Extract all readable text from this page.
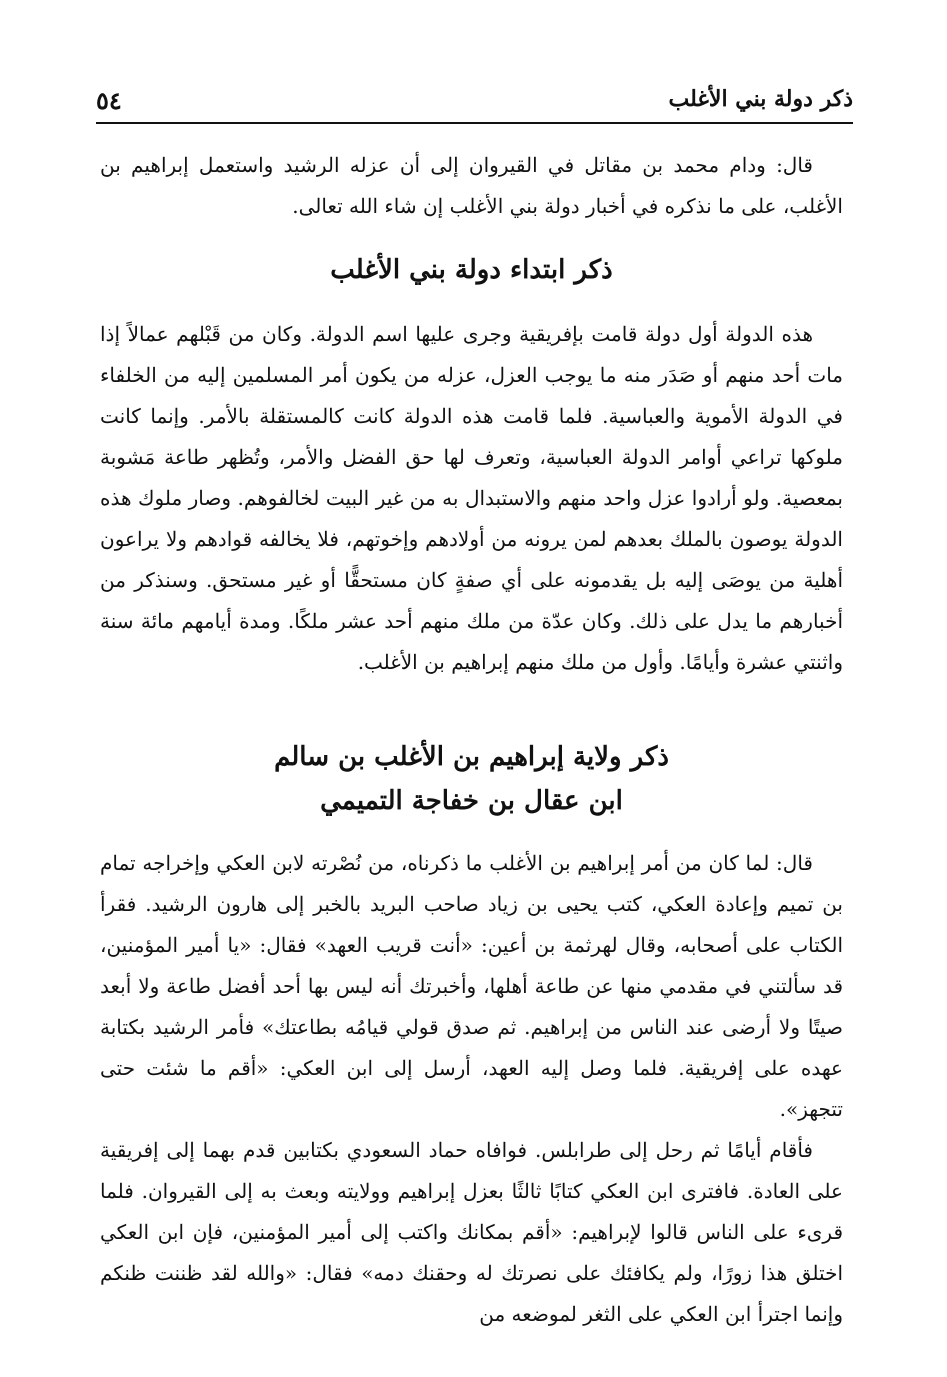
ذكر دولة بني الأغلب
٥٤

قال: ودام محمد بن مقاتل في القيروان إلى أن عزله الرشيد واستعمل إبراهيم بن الأغلب، على ما نذكره في أخبار دولة بني الأغلب إن شاء الله تعالى.

ذكر ابتداء دولة بني الأغلب

هذه الدولة أول دولة قامت بإفريقية وجرى عليها اسم الدولة. وكان من قَبْلهم عمالاً إذا مات أحد منهم أو صَدَر منه ما يوجب العزل، عزله من يكون أمر المسلمين إليه من الخلفاء في الدولة الأموية والعباسية. فلما قامت هذه الدولة كانت كالمستقلة بالأمر. وإنما كانت ملوكها تراعي أوامر الدولة العباسية، وتعرف لها حق الفضل والأمر، وتُظهر طاعة مَشوبة بمعصية. ولو أرادوا عزل واحد منهم والاستبدال به من غير البيت لخالفوهم. وصار ملوك هذه الدولة يوصون بالملك بعدهم لمن يرونه من أولادهم وإخوتهم، فلا يخالفه قوادهم ولا يراعون أهلية من يوصَى إليه بل يقدمونه على أي صفةٍ كان مستحقًّا أو غير مستحق. وسنذكر من أخبارهم ما يدل على ذلك. وكان عدّة من ملك منهم أحد عشر ملكًا. ومدة أيامهم مائة سنة واثنتي عشرة وأيامًا. وأول من ملك منهم إبراهيم بن الأغلب.

ذكر ولاية إبراهيم بن الأغلب بن سالم
ابن عقال بن خفاجة التميمي

قال: لما كان من أمر إبراهيم بن الأغلب ما ذكرناه، من نُصْرته لابن العكي وإخراجه تمام بن تميم وإعادة العكي، كتب يحيى بن زياد صاحب البريد بالخبر إلى هارون الرشيد. فقرأ الكتاب على أصحابه، وقال لهرثمة بن أعين: «أنت قريب العهد» فقال: «يا أمير المؤمنين، قد سألتني في مقدمي منها عن طاعة أهلها، وأخبرتك أنه ليس بها أحد أفضل طاعة ولا أبعد صيتًا ولا أرضى عند الناس من إبراهيم. ثم صدق قولي قيامُه بطاعتك» فأمر الرشيد بكتابة عهده على إفريقية. فلما وصل إليه العهد، أرسل إلى ابن العكي: «أقم ما شئت حتى تتجهز».

فأقام أيامًا ثم رحل إلى طرابلس. فوافاه حماد السعودي بكتابين قدم بهما إلى إفريقية على العادة. فافترى ابن العكي كتابًا ثالثًا بعزل إبراهيم وولايته وبعث به إلى القيروان. فلما قرىء على الناس قالوا لإبراهيم: «أقم بمكانك واكتب إلى أمير المؤمنين، فإن ابن العكي اختلق هذا زورًا، ولم يكافئك على نصرتك له وحقنك دمه» فقال: «والله لقد ظننت ظنكم وإنما اجترأ ابن العكي على الثغر لموضعه من
